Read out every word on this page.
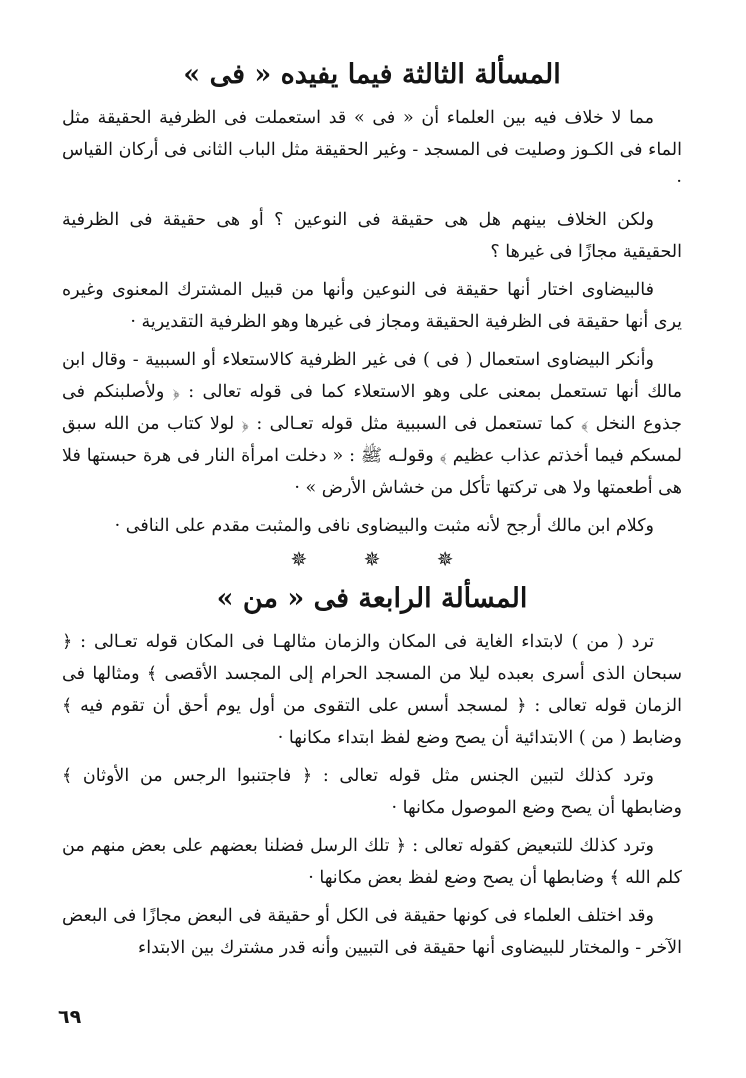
المسألة الثالثة فيما يفيده « فى »

مما لا خلاف فيه بين العلماء أن « فى » قد استعملت فى الظرفية الحقيقة مثل الماء فى الكـوز وصليت فى المسجد - وغير الحقيقة مثل الباب الثانى فى أركان القياس ·

ولكن الخلاف بينهم هل هى حقيقة فى النوعين ؟ أو هى حقيقة فى الظرفية الحقيقية مجازًا فى غيرها ؟

فالبيضاوى اختار أنها حقيقة فى النوعين وأنها من قبيل المشترك المعنوى وغيره يرى أنها حقيقة فى الظرفية الحقيقة ومجاز فى غيرها وهو الظرفية التقديرية ·

وأنكر البيضاوى استعمال ( فى ) فى غير الظرفية كالاستعلاء أو السببية - وقال ابن مالك أنها تستعمل بمعنى على وهو الاستعلاء كما فى قوله تعالى : ﴿ ولأصلبنكم فى جذوع النخل ﴾ كما تستعمل فى السببية مثل قوله تعـالى : ﴿ لولا كتاب من الله سبق لمسكم فيما أخذتم عذاب عظيم ﴾ وقولـه ﷺ : « دخلت امرأة النار فى هرة حبستها فلا هى أطعمتها ولا هى تركتها تأكل من خشاش الأرض » ·

وكلام ابن مالك أرجح لأنه مثبت والبيضاوى نافى والمثبت مقدم على النافى ·

✵	✵	✵
المسألة الرابعة فى « من »

ترد ( من ) لابتداء الغاية فى المكان والزمان مثالهـا فى المكان قوله تعـالى : ﴿ سبحان الذى أسرى بعبده ليلا من المسجد الحرام إلى المجسد الأقصى ﴾ ومثالها فى الزمان قوله تعالى : ﴿ لمسجد أسس على التقوى من أول يوم أحق أن تقوم فيه ﴾ وضابط ( من ) الابتدائية أن يصح وضع لفظ ابتداء مكانها ·

وترد كذلك لتبين الجنس مثل قوله تعالى : ﴿ فاجتنبوا الرجس من الأوثان ﴾ وضابطها أن يصح وضع الموصول مكانها ·

وترد كذلك للتبعيض كقوله تعالى : ﴿ تلك الرسل فضلنا بعضهم على بعض منهم من كلم الله ﴾ وضابطها أن يصح وضع لفظ بعض مكانها ·

وقد اختلف العلماء فى كونها حقيقة فى الكل أو حقيقة فى البعض مجازًا فى البعض الآخر - والمختار للبيضاوى أنها حقيقة فى التبيين وأنه قدر مشترك بين الابتداء

٦٩
